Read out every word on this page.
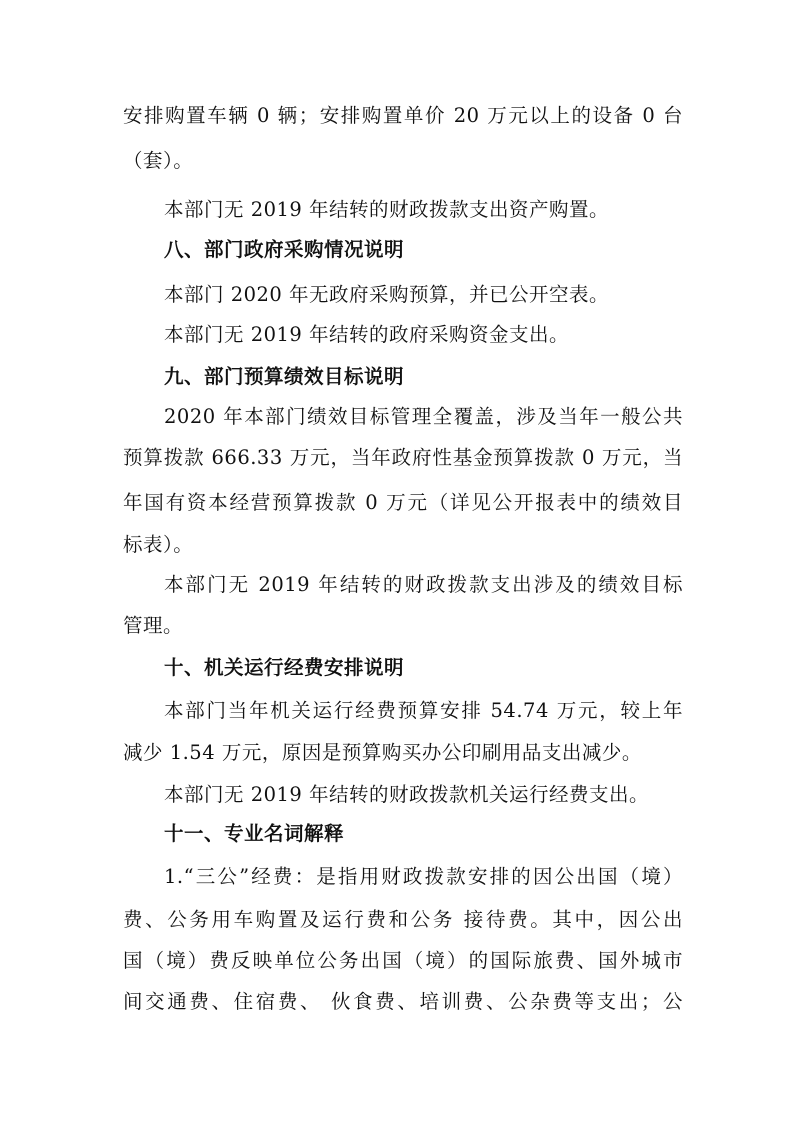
安排购置车辆 0 辆；安排购置单价 20 万元以上的设备 0 台
（套）。
本部门无 2019 年结转的财政拨款支出资产购置。
八、部门政府采购情况说明
本部门 2020 年无政府采购预算，并已公开空表。
本部门无 2019 年结转的政府采购资金支出。
九、部门预算绩效目标说明
2020 年本部门绩效目标管理全覆盖，涉及当年一般公共
预算拨款 666.33 万元，当年政府性基金预算拨款 0 万元，当
年国有资本经营预算拨款 0 万元（详见公开报表中的绩效目
标表）。
本部门无 2019 年结转的财政拨款支出涉及的绩效目标
管理。
十、机关运行经费安排说明
本部门当年机关运行经费预算安排 54.74 万元，较上年
减少 1.54 万元，原因是预算购买办公印刷用品支出减少。
本部门无 2019 年结转的财政拨款机关运行经费支出。
十一、专业名词解释
1.“三公”经费：是指用财政拨款安排的因公出国（境）
费、公务用车购置及运行费和公务 接待费。其中，因公出
国（境）费反映单位公务出国（境）的国际旅费、国外城市
间交通费、住宿费、 伙食费、培训费、公杂费等支出；公
